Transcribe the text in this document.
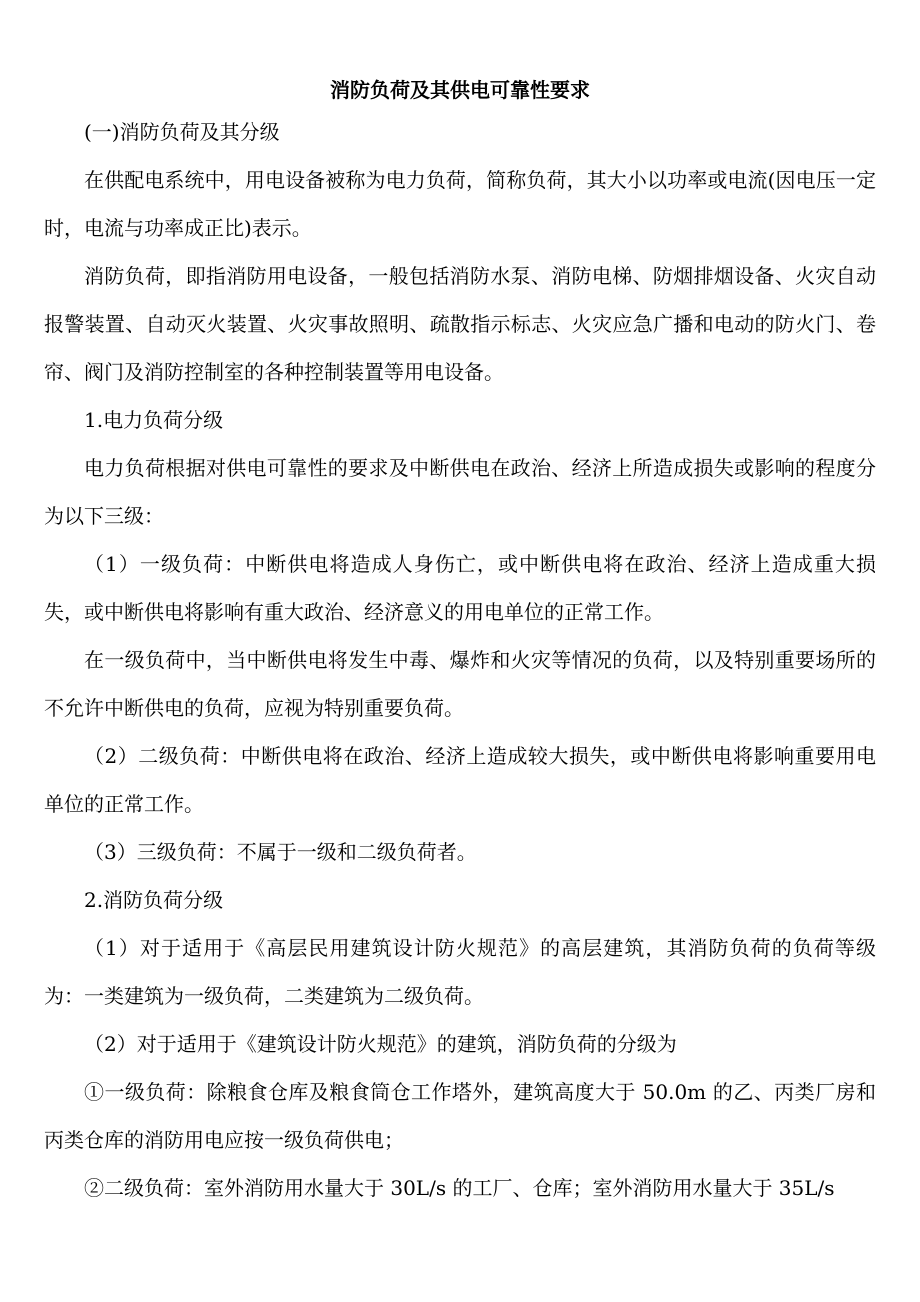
消防负荷及其供电可靠性要求

(一)消防负荷及其分级

在供配电系统中，用电设备被称为电力负荷，简称负荷，其大小以功率或电流(因电压一定时，电流与功率成正比)表示。

消防负荷，即指消防用电设备，一般包括消防水泵、消防电梯、防烟排烟设备、火灾自动报警装置、自动灭火装置、火灾事故照明、疏散指示标志、火灾应急广播和电动的防火门、卷帘、阀门及消防控制室的各种控制装置等用电设备。

1.电力负荷分级

电力负荷根据对供电可靠性的要求及中断供电在政治、经济上所造成损失或影响的程度分为以下三级：

（1）一级负荷：中断供电将造成人身伤亡，或中断供电将在政治、经济上造成重大损失，或中断供电将影响有重大政治、经济意义的用电单位的正常工作。

在一级负荷中，当中断供电将发生中毒、爆炸和火灾等情况的负荷，以及特别重要场所的不允许中断供电的负荷，应视为特别重要负荷。

（2）二级负荷：中断供电将在政治、经济上造成较大损失，或中断供电将影响重要用电单位的正常工作。

（3）三级负荷：不属于一级和二级负荷者。

2.消防负荷分级

（1）对于适用于《高层民用建筑设计防火规范》的高层建筑，其消防负荷的负荷等级为：一类建筑为一级负荷，二类建筑为二级负荷。

（2）对于适用于《建筑设计防火规范》的建筑，消防负荷的分级为

①一级负荷：除粮食仓库及粮食筒仓工作塔外，建筑高度大于 50.0m 的乙、丙类厂房和丙类仓库的消防用电应按一级负荷供电；

②二级负荷：室外消防用水量大于 30L/s 的工厂、仓库；室外消防用水量大于 35L/s
